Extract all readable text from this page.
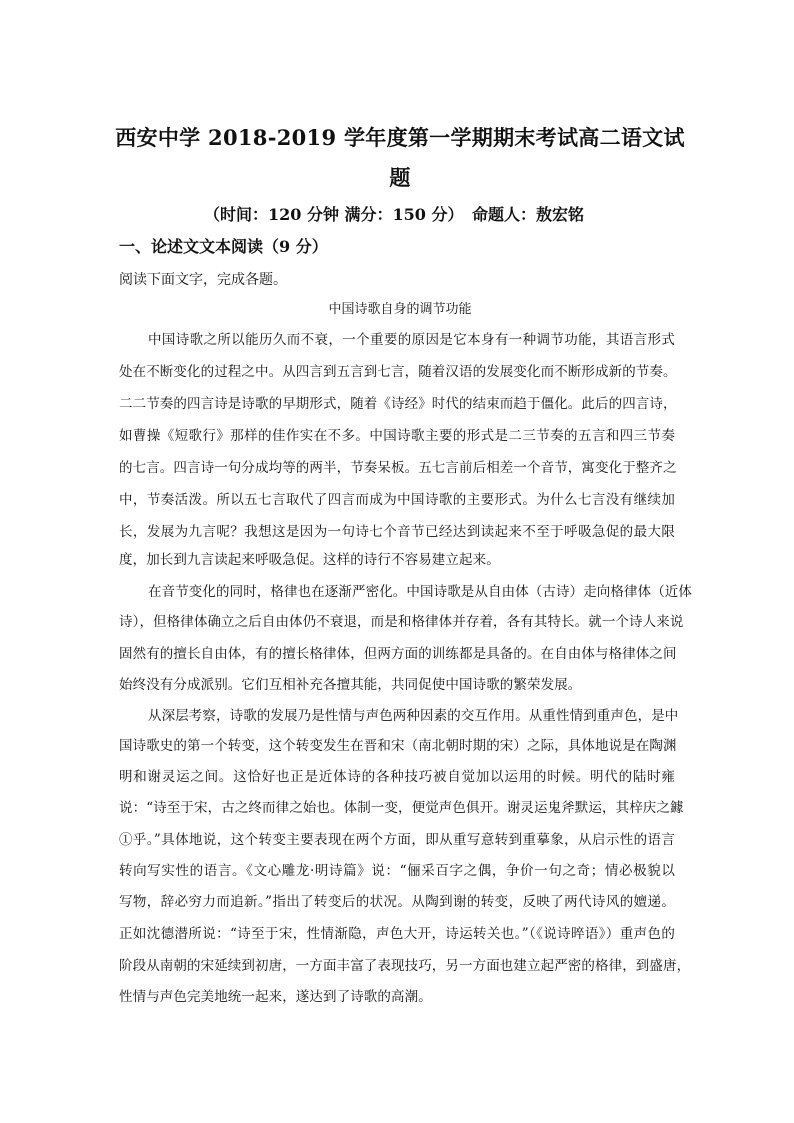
西安中学 2018-2019 学年度第一学期期末考试高二语文试
题
（时间：120 分钟 满分：150 分） 命题人：敖宏铭
一、论述文文本阅读（9 分）
阅读下面文字，完成各题。
中国诗歌自身的调节功能
中国诗歌之所以能历久而不衰，一个重要的原因是它本身有一种调节功能，其语言形式
处在不断变化的过程之中。从四言到五言到七言，随着汉语的发展变化而不断形成新的节奏。
二二节奏的四言诗是诗歌的早期形式，随着《诗经》时代的结束而趋于僵化。此后的四言诗，
如曹操《短歌行》那样的佳作实在不多。中国诗歌主要的形式是二三节奏的五言和四三节奏
的七言。四言诗一句分成均等的两半，节奏呆板。五七言前后相差一个音节，寓变化于整齐之
中，节奏活泼。所以五七言取代了四言而成为中国诗歌的主要形式。为什么七言没有继续加
长，发展为九言呢？我想这是因为一句诗七个音节已经达到读起来不至于呼吸急促的最大限
度，加长到九言读起来呼吸急促。这样的诗行不容易建立起来。
在音节变化的同时，格律也在逐渐严密化。中国诗歌是从自由体（古诗）走向格律体（近体
诗），但格律体确立之后自由体仍不衰退，而是和格律体并存着，各有其特长。就一个诗人来说
固然有的擅长自由体，有的擅长格律体，但两方面的训练都是具备的。在自由体与格律体之间
始终没有分成派别。它们互相补充各擅其能，共同促使中国诗歌的繁荣发展。
从深层考察，诗歌的发展乃是性情与声色两种因素的交互作用。从重性情到重声色，是中
国诗歌史的第一个转变，这个转变发生在晋和宋（南北朝时期的宋）之际，具体地说是在陶渊
明和谢灵运之间。这恰好也正是近体诗的各种技巧被自觉加以运用的时候。明代的陆时雍
说：“诗至于宋，古之终而律之始也。体制一变，便觉声色俱开。谢灵运鬼斧默运，其梓庆之鐻
①乎。”具体地说，这个转变主要表现在两个方面，即从重写意转到重摹象，从启示性的语言
转向写实性的语言。《文心雕龙·明诗篇》说：“俪采百字之偶，争价一句之奇；情必极貌以
写物，辞必穷力而追新。”指出了转变后的状况。从陶到谢的转变，反映了两代诗风的嬗递。
正如沈德潜所说：“诗至于宋，性情渐隐，声色大开，诗运转关也。”（《说诗晬语》）重声色的
阶段从南朝的宋延续到初唐，一方面丰富了表现技巧，另一方面也建立起严密的格律，到盛唐，
性情与声色完美地统一起来，遂达到了诗歌的高潮。
